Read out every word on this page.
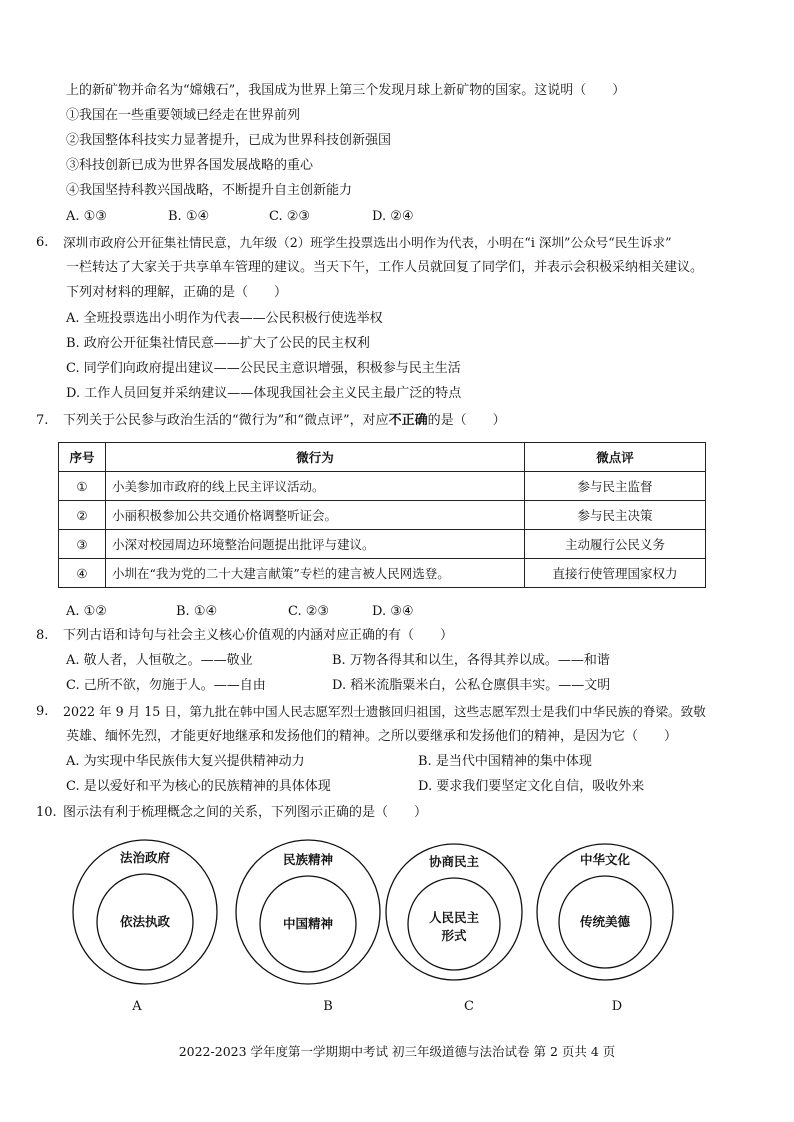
上的新矿物并命名为“嫦娥石”，我国成为世界上第三个发现月球上新矿物的国家。这说明（　　）
①我国在一些重要领域已经走在世界前列
②我国整体科技实力显著提升，已成为世界科技创新强国
③科技创新已成为世界各国发展战略的重心
④我国坚持科教兴国战略，不断提升自主创新能力
A. ①③	B. ①④	C. ②③	D. ②④
6. 深圳市政府公开征集社情民意，九年级（2）班学生投票选出小明作为代表，小明在“i 深圳”公众号“民生诉求”
一栏转达了大家关于共享单车管理的建议。当天下午，工作人员就回复了同学们，并表示会积极采纳相关建议。
下列对材料的理解，正确的是（　　）
A. 全班投票选出小明作为代表——公民积极行使选举权
B. 政府公开征集社情民意——扩大了公民的民主权利
C. 同学们向政府提出建议——公民民主意识增强，积极参与民主生活
D. 工作人员回复并采纳建议——体现我国社会主义民主最广泛的特点
7. 下列关于公民参与政治生活的“微行为”和“微点评”，对应不正确的是（　　）
序号	微行为	微点评
①	小美参加市政府的线上民主评议活动。	参与民主监督
②	小丽积极参加公共交通价格调整听证会。	参与民主决策
③	小深对校园周边环境整治问题提出批评与建议。	主动履行公民义务
④	小圳在“我为党的二十大建言献策”专栏的建言被人民网选登。	直接行使管理国家权力
A. ①②	B. ①④	C. ②③	D. ③④
8. 下列古语和诗句与社会主义核心价值观的内涵对应正确的有（　　）
A. 敬人者，人恒敬之。——敬业	B. 万物各得其和以生，各得其养以成。——和谐
C. 己所不欲，勿施于人。——自由	D. 稻米流脂粟米白，公私仓廪俱丰实。——文明
9. 2022 年 9 月 15 日，第九批在韩中国人民志愿军烈士遗骸回归祖国，这些志愿军烈士是我们中华民族的脊梁。致敬
英雄、缅怀先烈，才能更好地继承和发扬他们的精神。之所以要继承和发扬他们的精神，是因为它（　　）
A. 为实现中华民族伟大复兴提供精神动力	B. 是当代中国精神的集中体现
C. 是以爱好和平为核心的民族精神的具体体现	D. 要求我们要坚定文化自信，吸收外来
10. 图示法有利于梳理概念之间的关系，下列图示正确的是（　　）
法治政府
依法执政
A
民族精神
中国精神
B
协商民主
人民民主
形式
C
中华文化
传统美德
D
2022-2023 学年度第一学期期中考试 初三年级道德与法治试卷 第 2 页共 4 页
